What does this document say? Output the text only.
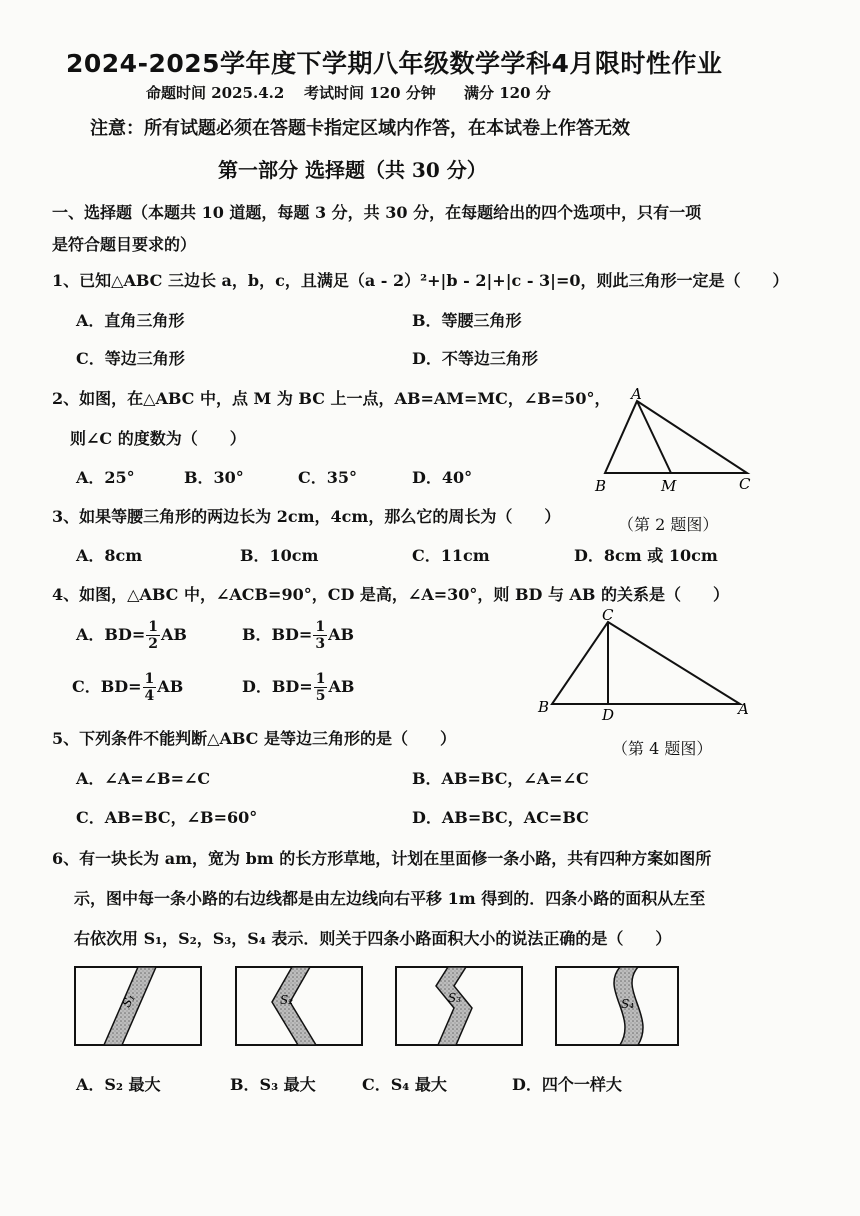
2024-2025学年度下学期八年级数学学科4月限时性作业
命题时间 2025.4.2 考试时间 120 分钟 满分 120 分
注意：所有试题必须在答题卡指定区域内作答，在本试卷上作答无效
第一部分 选择题（共 30 分）
一、选择题（本题共 10 道题，每题 3 分，共 30 分，在每题给出的四个选项中，只有一项
是符合题目要求的）
1、已知△ABC 三边长 a，b，c，且满足（a - 2）²+|b - 2|+|c - 3|=0，则此三角形一定是（　　）
A．直角三角形	B．等腰三角形
C．等边三角形	D．不等边三角形
2、如图，在△ABC 中，点 M 为 BC 上一点，AB=AM=MC，∠B=50°，
则∠C 的度数为（　　）
A．25°	B．30°	C．35°	D．40°
A
B	M	C
（第 2 题图）
3、如果等腰三角形的两边长为 2cm，4cm，那么它的周长为（　　）
A．8cm	B．10cm	C．11cm	D．8cm 或 10cm
4、如图，△ABC 中，∠ACB=90°，CD 是高，∠A=30°，则 BD 与 AB 的关系是（　　）
A．$BD= \frac{1}{2}$ AB	B．$BD= \frac{1}{3}$ AB
C．$BD= \frac{1}{4}$ AB	D．$BD= \frac{1}{5}$ AB
C
B	D	A
（第 4 题图）
5、下列条件不能判断△ABC 是等边三角形的是（　　）
A．∠A=∠B=∠C	B．AB=BC，∠A=∠C
C．AB=BC，∠B=60°	D．AB=BC，AC=BC
6、有一块长为 am，宽为 bm 的长方形草地，计划在里面修一条小路，共有四种方案如图所
示，图中每一条小路的右边线都是由左边线向右平移 1m 得到的．四条小路的面积从左至
右依次用 S₁，S₂，S₃，S₄ 表示．则关于四条小路面积大小的说法正确的是（　　）
S₁	S₂	S₃	S₄
A．S₂ 最大	B．S₃ 最大	C．S₄ 最大	D．四个一样大
